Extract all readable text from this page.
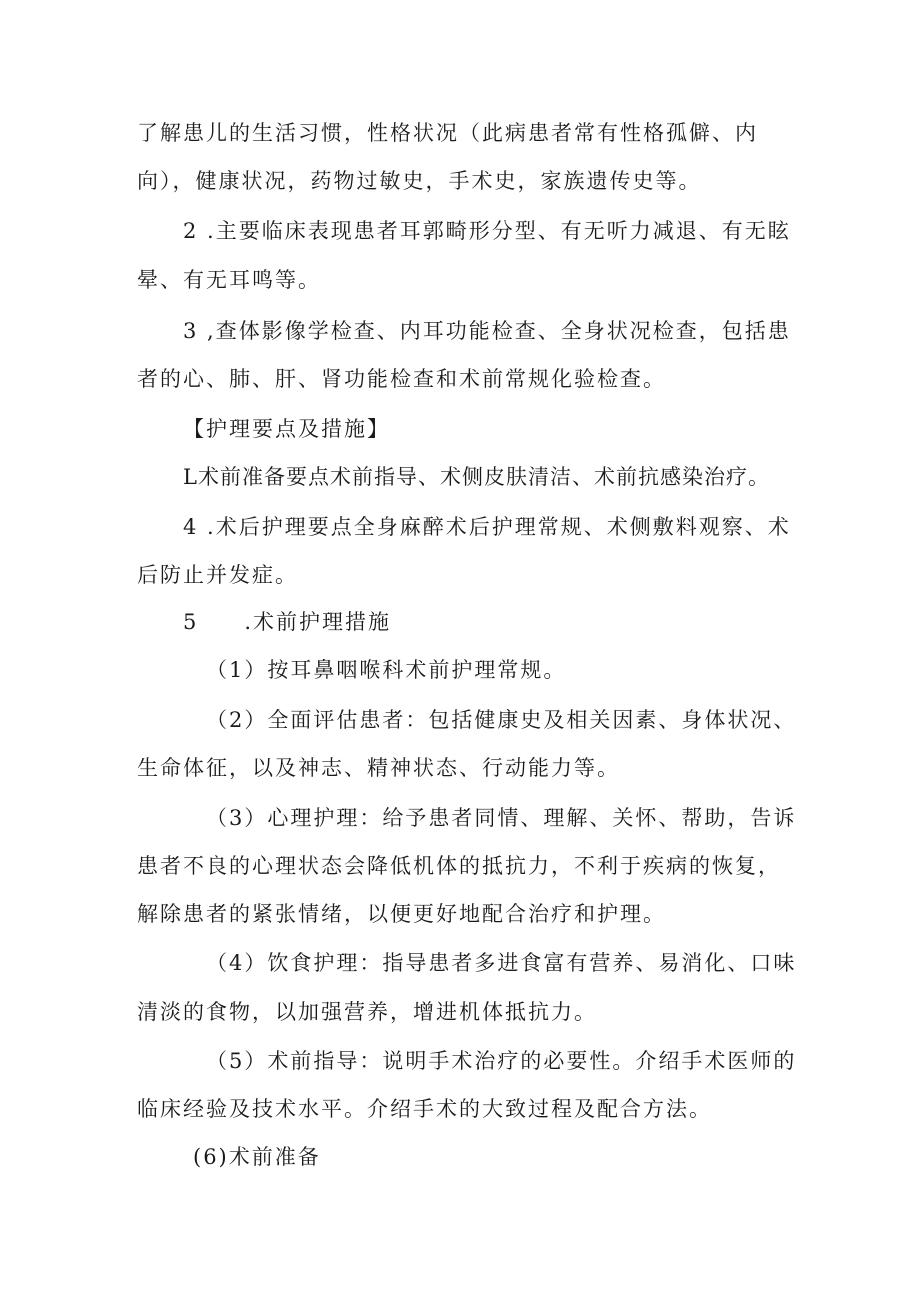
了解患儿的生活习惯，性格状况（此病患者常有性格孤僻、内
向），健康状况，药物过敏史，手术史，家族遗传史等。
2 .主要临床表现患者耳郭畸形分型、有无听力减退、有无眩
晕、有无耳鸣等。
3 ,查体影像学检查、内耳功能检查、全身状况检查，包括患
者的心、肺、肝、肾功能检查和术前常规化验检查。
【护理要点及措施】
L术前准备要点术前指导、术侧皮肤清洁、术前抗感染治疗。
4 .术后护理要点全身麻醉术后护理常规、术侧敷料观察、术
后防止并发症。
5　　.术前护理措施
（1）按耳鼻咽喉科术前护理常规。
（2）全面评估患者：包括健康史及相关因素、身体状况、
生命体征，以及神志、精神状态、行动能力等。
（3）心理护理：给予患者同情、理解、关怀、帮助，告诉
患者不良的心理状态会降低机体的抵抗力，不利于疾病的恢复，
解除患者的紧张情绪，以便更好地配合治疗和护理。
（4）饮食护理：指导患者多进食富有营养、易消化、口味
清淡的食物，以加强营养，增进机体抵抗力。
（5）术前指导：说明手术治疗的必要性。介绍手术医师的
临床经验及技术水平。介绍手术的大致过程及配合方法。
(6)术前准备
